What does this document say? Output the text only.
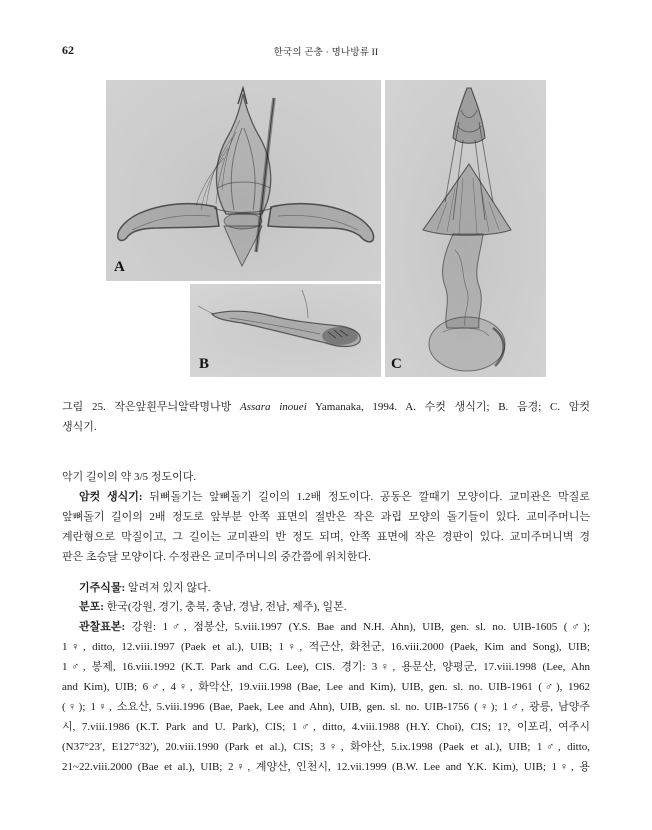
62	한국의 곤충 · 명나방류 II
A
B	C
그림 25. 작은앞흰무늬알락명나방 Assara inouei Yamanaka, 1994. A. 수컷 생식기; B. 음경; C. 암컷
생식기.
악기 길이의 약 3/5 정도이다.
암컷 생식기: 뒤뼈돌기는 앞뼈돌기 길이의 1.2배 정도이다. 공동은 깔때기 모양이다. 교미관은 막질로
앞뼈돌기 길이의 2배 정도로 앞부분 안쪽 표면의 절반은 작은 과립 모양의 돌기들이 있다. 교미주머니는
계란형으로 막질이고, 그 길이는 교미관의 반 정도 되며, 안쪽 표면에 작은 경판이 있다. 교미주머니벽 경
판은 초승달 모양이다. 수정관은 교미주머니의 중간쯤에 위치한다.
기주식물: 알려져 있지 않다.
분포: 한국(강원, 경기, 충북, 충남, 경남, 전남, 제주), 일본.
관찰표본: 강원: 1♂, 점봉산, 5.viii.1997 (Y.S. Bae and N.H. Ahn), UIB, gen. sl. no. UIB-1605 (♂);
1♀, ditto, 12.viii.1997 (Paek et al.), UIB; 1♀, 적근산, 화천군, 16.viii.2000 (Paek, Kim and Song), UIB;
1♂, 봉제, 16.viii.1992 (K.T. Park and C.G. Lee), CIS. 경기: 3♀, 용문산, 양평군, 17.viii.1998 (Lee, Ahn
and Kim), UIB; 6♂, 4♀, 화악산, 19.viii.1998 (Bae, Lee and Kim), UIB, gen. sl. no. UIB-1961 (♂), 1962
(♀); 1♀, 소요산, 5.viii.1996 (Bae, Paek, Lee and Ahn), UIB, gen. sl. no. UIB-1756 (♀); 1♂, 광릉, 남양주
시, 7.viii.1986 (K.T. Park and U. Park), CIS; 1♂, ditto, 4.viii.1988 (H.Y. Choi), CIS; 1?, 이포리, 여주시
(N37°23′, E127°32′), 20.viii.1990 (Park et al.), CIS; 3♀, 화야산, 5.ix.1998 (Paek et al.), UIB; 1♂, ditto,
21~22.viii.2000 (Bae et al.), UIB; 2♀, 계양산, 인천시, 12.vii.1999 (B.W. Lee and Y.K. Kim), UIB; 1♀, 용
